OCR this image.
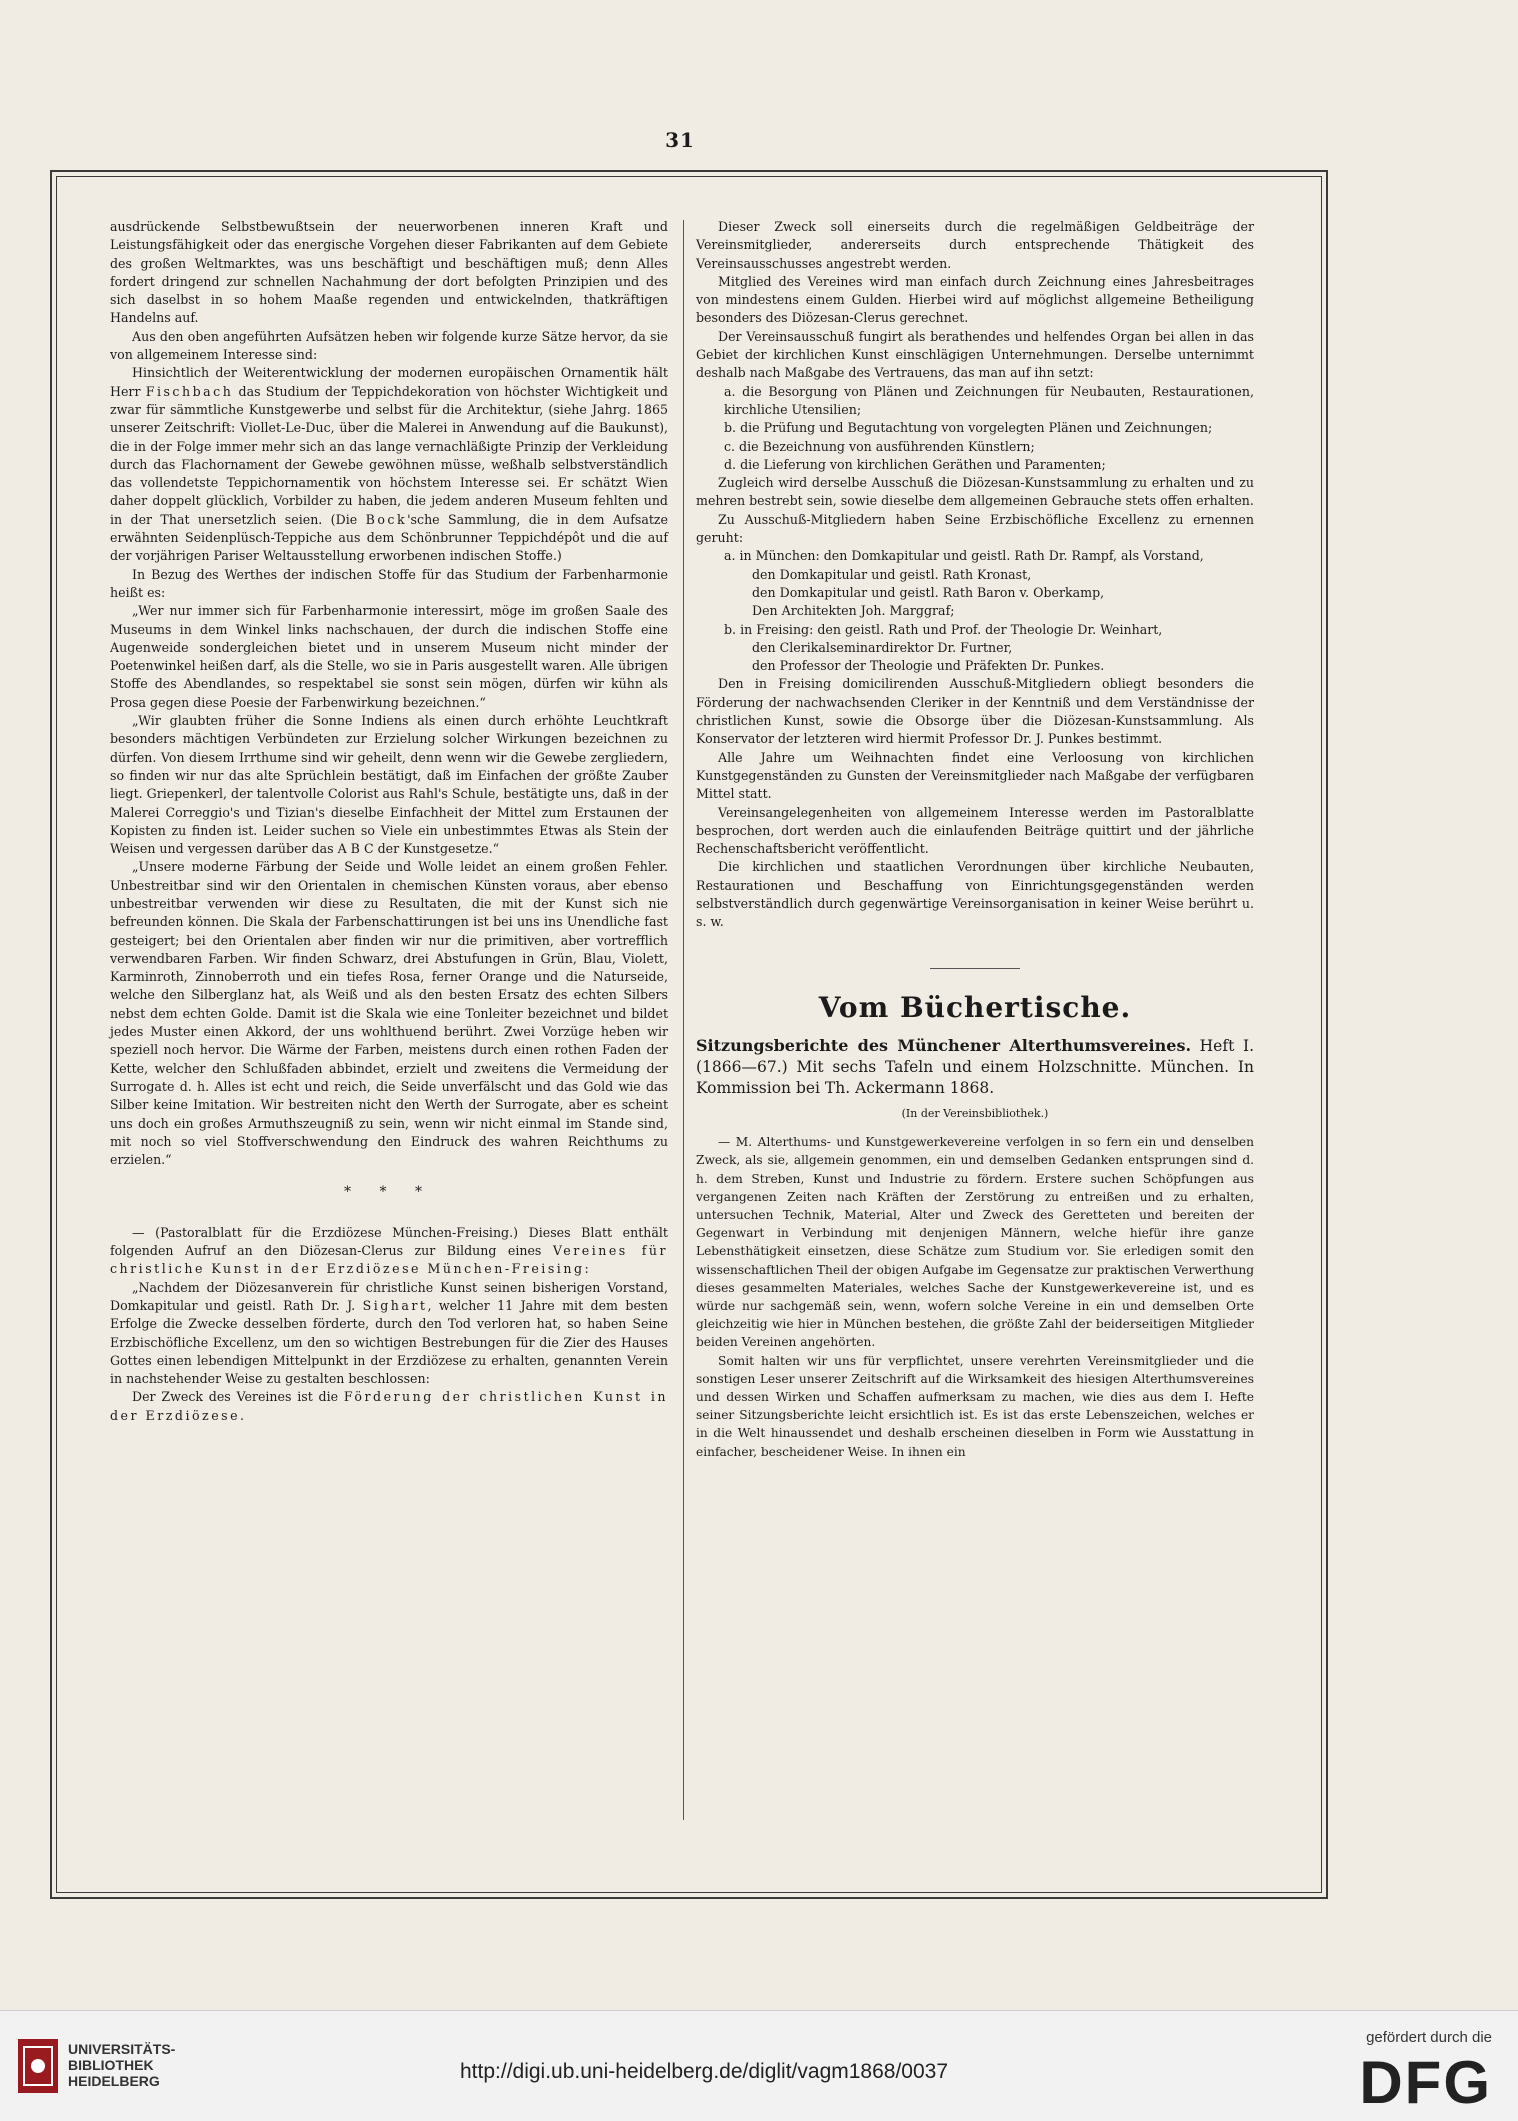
31

ausdrückende Selbstbewußtsein der neuerworbenen inneren Kraft und Leistungsfähigkeit oder das energische Vorgehen dieser Fabrikanten auf dem Gebiete des großen Weltmarktes, was uns beschäftigt und beschäftigen muß; denn Alles fordert dringend zur schnellen Nachahmung der dort befolgten Prinzipien und des sich daselbst in so hohem Maaße regenden und entwickelnden, thatkräftigen Handelns auf.

Aus den oben angeführten Aufsätzen heben wir folgende kurze Sätze hervor, da sie von allgemeinem Interesse sind:

Hinsichtlich der Weiterentwicklung der modernen europäischen Ornamentik hält Herr Fischbach das Studium der Teppichdekoration von höchster Wichtigkeit und zwar für sämmtliche Kunstgewerbe und selbst für die Architektur, (siehe Jahrg. 1865 unserer Zeitschrift: Viollet-Le-Duc, über die Malerei in Anwendung auf die Baukunst), die in der Folge immer mehr sich an das lange vernachläßigte Prinzip der Verkleidung durch das Flachornament der Gewebe gewöhnen müsse, weßhalb selbstverständlich das vollendetste Teppichornamentik von höchstem Interesse sei. Er schätzt Wien daher doppelt glücklich, Vorbilder zu haben, die jedem anderen Museum fehlten und in der That unersetzlich seien. (Die Bock'sche Sammlung, die in dem Aufsatze erwähnten Seidenplüsch-Teppiche aus dem Schönbrunner Teppichdépôt und die auf der vorjährigen Pariser Weltausstellung erworbenen indischen Stoffe.)

In Bezug des Werthes der indischen Stoffe für das Studium der Farbenharmonie heißt es:

„Wer nur immer sich für Farbenharmonie interessirt, möge im großen Saale des Museums in dem Winkel links nachschauen, der durch die indischen Stoffe eine Augenweide sondergleichen bietet und in unserem Museum nicht minder der Poetenwinkel heißen darf, als die Stelle, wo sie in Paris ausgestellt waren. Alle übrigen Stoffe des Abendlandes, so respektabel sie sonst sein mögen, dürfen wir kühn als Prosa gegen diese Poesie der Farbenwirkung bezeichnen.“

„Wir glaubten früher die Sonne Indiens als einen durch erhöhte Leuchtkraft besonders mächtigen Verbündeten zur Erzielung solcher Wirkungen bezeichnen zu dürfen. Von diesem Irrthume sind wir geheilt, denn wenn wir die Gewebe zergliedern, so finden wir nur das alte Sprüchlein bestätigt, daß im Einfachen der größte Zauber liegt. Griepenkerl, der talentvolle Colorist aus Rahl's Schule, bestätigte uns, daß in der Malerei Correggio's und Tizian's dieselbe Einfachheit der Mittel zum Erstaunen der Kopisten zu finden ist. Leider suchen so Viele ein unbestimmtes Etwas als Stein der Weisen und vergessen darüber das A B C der Kunstgesetze.“

„Unsere moderne Färbung der Seide und Wolle leidet an einem großen Fehler. Unbestreitbar sind wir den Orientalen in chemischen Künsten voraus, aber ebenso unbestreitbar verwenden wir diese zu Resultaten, die mit der Kunst sich nie befreunden können. Die Skala der Farbenschattirungen ist bei uns ins Unendliche fast gesteigert; bei den Orientalen aber finden wir nur die primitiven, aber vortrefflich verwendbaren Farben. Wir finden Schwarz, drei Abstufungen in Grün, Blau, Violett, Karminroth, Zinnoberroth und ein tiefes Rosa, ferner Orange und die Naturseide, welche den Silberglanz hat, als Weiß und als den besten Ersatz des echten Silbers nebst dem echten Golde. Damit ist die Skala wie eine Tonleiter bezeichnet und bildet jedes Muster einen Akkord, der uns wohlthuend berührt. Zwei Vorzüge heben wir speziell noch hervor. Die Wärme der Farben, meistens durch einen rothen Faden der Kette, welcher den Schlußfaden abbindet, erzielt und zweitens die Vermeidung der Surrogate d. h. Alles ist echt und reich, die Seide unverfälscht und das Gold wie das Silber keine Imitation. Wir bestreiten nicht den Werth der Surrogate, aber es scheint uns doch ein großes Armuthszeugniß zu sein, wenn wir nicht einmal im Stande sind, mit noch so viel Stoffverschwendung den Eindruck des wahren Reichthums zu erzielen.“

* * *

— (Pastoralblatt für die Erzdiözese München-Freising.) Dieses Blatt enthält folgenden Aufruf an den Diözesan-Clerus zur Bildung eines Vereines für christliche Kunst in der Erzdiözese München-Freising:

„Nachdem der Diözesanverein für christliche Kunst seinen bisherigen Vorstand, Domkapitular und geistl. Rath Dr. J. Sighart, welcher 11 Jahre mit dem besten Erfolge die Zwecke desselben förderte, durch den Tod verloren hat, so haben Seine Erzbischöfliche Excellenz, um den so wichtigen Bestrebungen für die Zier des Hauses Gottes einen lebendigen Mittelpunkt in der Erzdiözese zu erhalten, genannten Verein in nachstehender Weise zu gestalten beschlossen:

Der Zweck des Vereines ist die Förderung der christlichen Kunst in der Erzdiözese.

Dieser Zweck soll einerseits durch die regelmäßigen Geldbeiträge der Vereinsmitglieder, andererseits durch entsprechende Thätigkeit des Vereinsausschusses angestrebt werden.

Mitglied des Vereines wird man einfach durch Zeichnung eines Jahresbeitrages von mindestens einem Gulden. Hierbei wird auf möglichst allgemeine Betheiligung besonders des Diözesan-Clerus gerechnet.

Der Vereinsausschuß fungirt als berathendes und helfendes Organ bei allen in das Gebiet der kirchlichen Kunst einschlägigen Unternehmungen. Derselbe unternimmt deshalb nach Maßgabe des Vertrauens, das man auf ihn setzt:

a. die Besorgung von Plänen und Zeichnungen für Neubauten, Restaurationen, kirchliche Utensilien;

b. die Prüfung und Begutachtung von vorgelegten Plänen und Zeichnungen;

c. die Bezeichnung von ausführenden Künstlern;

d. die Lieferung von kirchlichen Geräthen und Paramenten;

Zugleich wird derselbe Ausschuß die Diözesan-Kunstsammlung zu erhalten und zu mehren bestrebt sein, sowie dieselbe dem allgemeinen Gebrauche stets offen erhalten.

Zu Ausschuß-Mitgliedern haben Seine Erzbischöfliche Excellenz zu ernennen geruht:

a. in München: den Domkapitular und geistl. Rath Dr. Rampf, als Vorstand,

den Domkapitular und geistl. Rath Kronast,

den Domkapitular und geistl. Rath Baron v. Oberkamp,

Den Architekten Joh. Marggraf;

b. in Freising: den geistl. Rath und Prof. der Theologie Dr. Weinhart,

den Clerikalseminardirektor Dr. Furtner,

den Professor der Theologie und Präfekten Dr. Punkes.

Den in Freising domicilirenden Ausschuß-Mitgliedern obliegt besonders die Förderung der nachwachsenden Cleriker in der Kenntniß und dem Verständnisse der christlichen Kunst, sowie die Obsorge über die Diözesan-Kunstsammlung. Als Konservator der letzteren wird hiermit Professor Dr. J. Punkes bestimmt.

Alle Jahre um Weihnachten findet eine Verloosung von kirchlichen Kunstgegenständen zu Gunsten der Vereinsmitglieder nach Maßgabe der verfügbaren Mittel statt.

Vereinsangelegenheiten von allgemeinem Interesse werden im Pastoralblatte besprochen, dort werden auch die einlaufenden Beiträge quittirt und der jährliche Rechenschaftsbericht veröffentlicht.

Die kirchlichen und staatlichen Verordnungen über kirchliche Neubauten, Restaurationen und Beschaffung von Einrichtungsgegenständen werden selbstverständlich durch gegenwärtige Vereinsorganisation in keiner Weise berührt u. s. w.

Vom Büchertische.

Sitzungsberichte des Münchener Alterthumsvereines. Heft I. (1866—67.) Mit sechs Tafeln und einem Holzschnitte. München. In Kommission bei Th. Ackermann 1868.

(In der Vereinsbibliothek.)

— M. Alterthums- und Kunstgewerkevereine verfolgen in so fern ein und denselben Zweck, als sie, allgemein genommen, ein und demselben Gedanken entsprungen sind d. h. dem Streben, Kunst und Industrie zu fördern. Erstere suchen Schöpfungen aus vergangenen Zeiten nach Kräften der Zerstörung zu entreißen und zu erhalten, untersuchen Technik, Material, Alter und Zweck des Geretteten und bereiten der Gegenwart in Verbindung mit denjenigen Männern, welche hiefür ihre ganze Lebensthätigkeit einsetzen, diese Schätze zum Studium vor. Sie erledigen somit den wissenschaftlichen Theil der obigen Aufgabe im Gegensatze zur praktischen Verwerthung dieses gesammelten Materiales, welches Sache der Kunstgewerkevereine ist, und es würde nur sachgemäß sein, wenn, wofern solche Vereine in ein und demselben Orte gleichzeitig wie hier in München bestehen, die größte Zahl der beiderseitigen Mitglieder beiden Vereinen angehörten.

Somit halten wir uns für verpflichtet, unsere verehrten Vereinsmitglieder und die sonstigen Leser unserer Zeitschrift auf die Wirksamkeit des hiesigen Alterthumsvereines und dessen Wirken und Schaffen aufmerksam zu machen, wie dies aus dem I. Hefte seiner Sitzungsberichte leicht ersichtlich ist. Es ist das erste Lebenszeichen, welches er in die Welt hinaussendet und deshalb erscheinen dieselben in Form wie Ausstattung in einfacher, bescheidener Weise. In ihnen ein

UNIVERSITÄTS-
BIBLIOTHEK
HEIDELBERG	http://digi.ub.uni-heidelberg.de/diglit/vagm1868/0037
gefördert durch die
DFG
